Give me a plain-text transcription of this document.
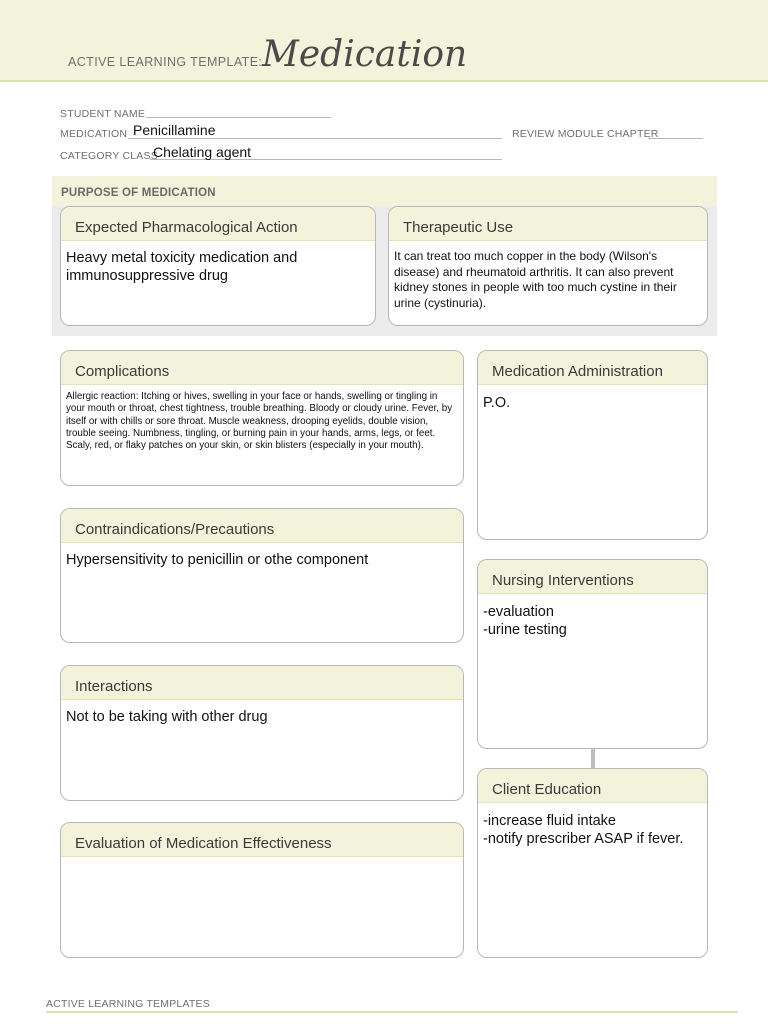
ACTIVE LEARNING TEMPLATE: Medication
STUDENT NAME
MEDICATION Penicillamine	REVIEW MODULE CHAPTER
CATEGORY CLASS
Chelating agent
PURPOSE OF MEDICATION
Expected Pharmacological Action
Heavy metal toxicity medication and immunosuppressive drug
Therapeutic Use
It can treat too much copper in the body (Wilson's disease) and rheumatoid arthritis. It can also prevent kidney stones in people with too much cystine in their urine (cystinuria).
Complications
Allergic reaction: Itching or hives, swelling in your face or hands, swelling or tingling in your mouth or throat, chest tightness, trouble breathing. Bloody or cloudy urine. Fever, by itself or with chills or sore throat. Muscle weakness, drooping eyelids, double vision, trouble seeing. Numbness, tingling, or burning pain in your hands, arms, legs, or feet. Scaly, red, or flaky patches on your skin, or skin blisters (especially in your mouth).
Medication Administration
P.O.
Contraindications/Precautions
Hypersensitivity to penicillin or othe component
Nursing Interventions
-evaluation
-urine testing
Interactions
Not to be taking with other drug
Client Education
-increase fluid intake
-notify prescriber ASAP if fever.
Evaluation of Medication Effectiveness
ACTIVE LEARNING TEMPLATES
